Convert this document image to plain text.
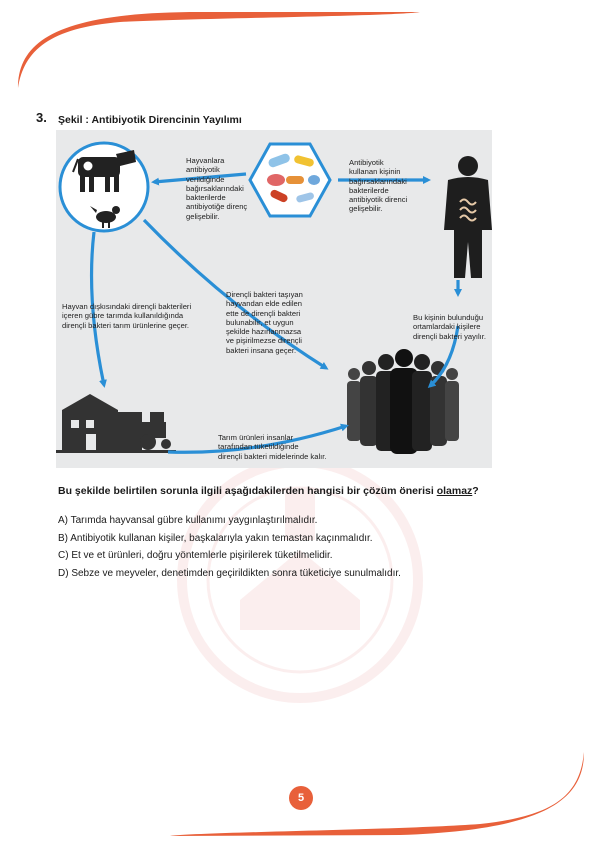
3. Şekil : Antibiyotik Direncinin Yayılımı
Hayvanlara
antibiyotik
verildiğinde
bağırsaklarındaki
bakterilerde
antibiyotiğe direnç
gelişebilir.
Antibiyotik
kullanan kişinin
bağırsaklarındaki
bakterilerde
antibiyotik direnci
gelişebilir.
Hayvan dışkısındaki dirençli bakterileri
içeren gübre tarımda kullanıldığında
dirençli bakteri tarım ürünlerine geçer.
Dirençli bakteri taşıyan
hayvandan elde edilen
ette de dirençli bakteri
bulunabilir, et uygun
şekilde hazırlanmazsa
ve pişirilmezse dirençli
bakteri insana geçer.
Bu kişinin bulunduğu
ortamlardaki kişilere
dirençli bakteri yayılır.
Tarım ürünleri insanlar
tarafından tüketildiğinde
dirençli bakteri midelerinde kalır.
Bu şekilde belirtilen sorunla ilgili aşağıdakilerden hangisi bir çözüm önerisi olamaz?
A) Tarımda hayvansal gübre kullanımı yaygınlaştırılmalıdır.
B) Antibiyotik kullanan kişiler, başkalarıyla yakın temastan kaçınmalıdır.
C) Et ve et ürünleri, doğru yöntemlerle pişirilerek tüketilmelidir.
D) Sebze ve meyveler, denetimden geçirildikten sonra tüketiciye sunulmalıdır.
5
